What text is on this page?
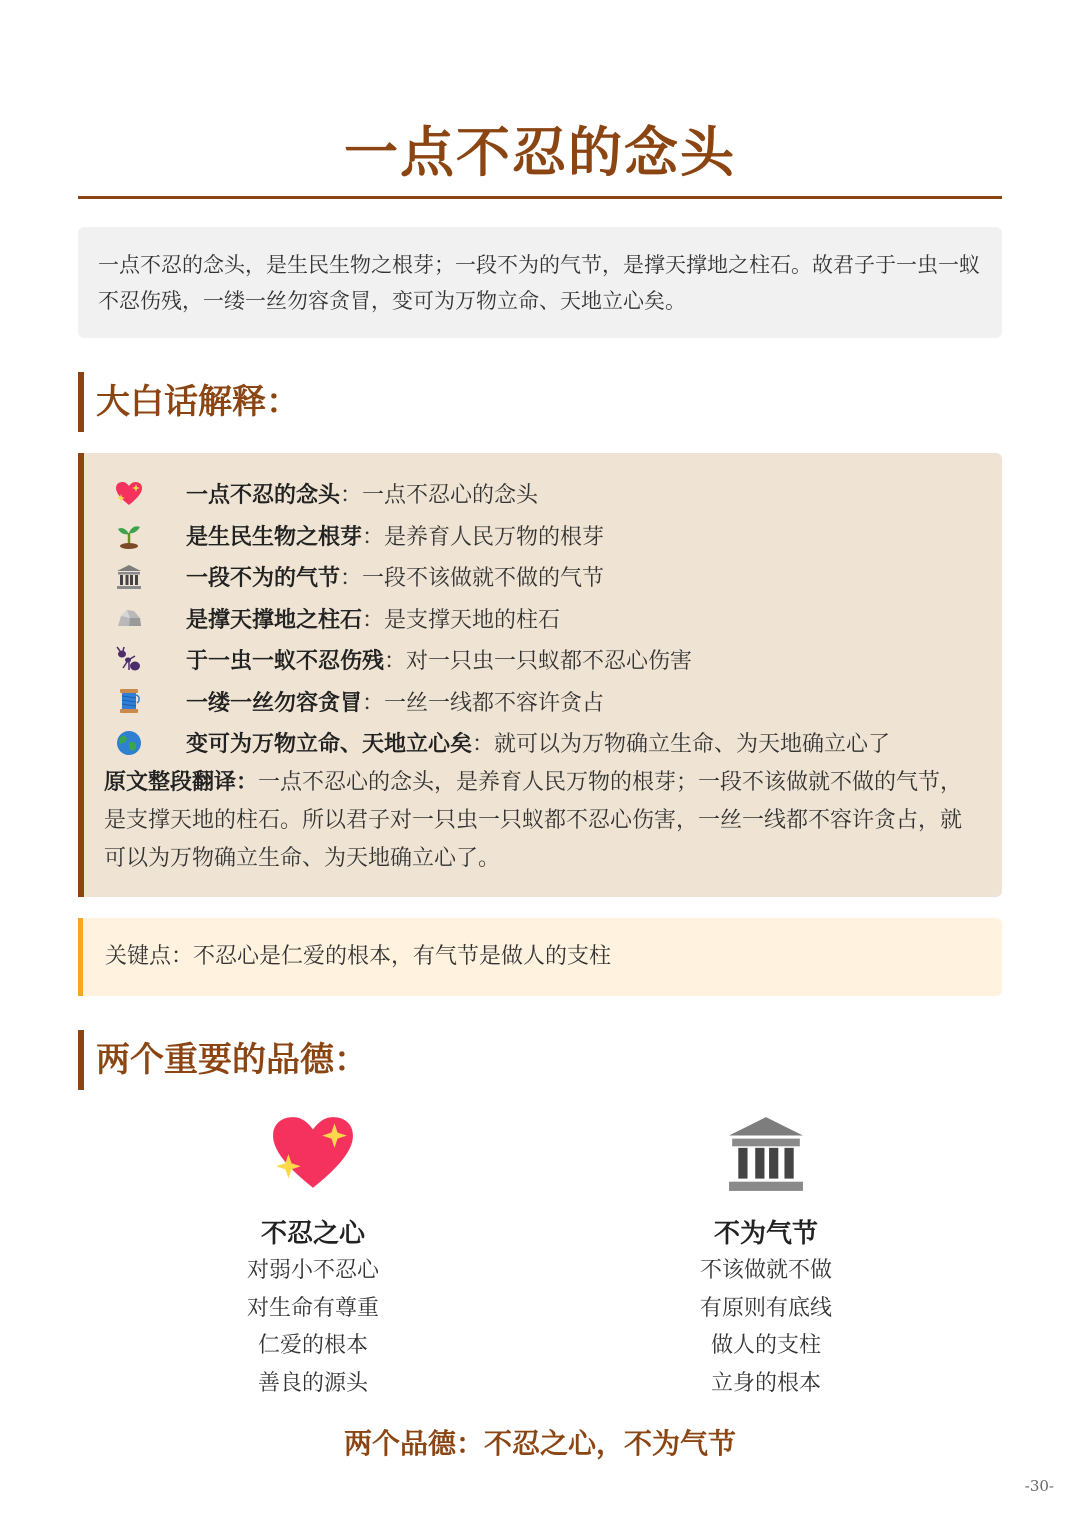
一点不忍的念头
一点不忍的念头，是生民生物之根芽；一段不为的气节，是撑天撑地之柱石。故君子于一虫一蚁不忍伤残，一缕一丝勿容贪冒，变可为万物立命、天地立心矣。
大白话解释：
一点不忍的念头 ：一点不忍心的念头
是生民生物之根芽 ：是养育人民万物的根芽
一段不为的气节 ：一段不该做就不做的气节
是撑天撑地之柱石 ：是支撑天地的柱石
于一虫一蚁不忍伤残 ：对一只虫一只蚁都不忍心伤害
一缕一丝勿容贪冒 ：一丝一线都不容许贪占
变可为万物立命、天地立心矣 ：就可以为万物确立生命、为天地确立心了
原文整段翻译：一点不忍心的念头，是养育人民万物的根芽；一段不该做就不做的气节，是支撑天地的柱石。所以君子对一只虫一只蚁都不忍心伤害，一丝一线都不容许贪占，就可以为万物确立生命、为天地确立心了。
关键点：不忍心是仁爱的根本，有气节是做人的支柱
两个重要的品德：
不忍之心
对弱小不忍心
对生命有尊重
仁爱的根本
善良的源头
不为气节
不该做就不做
有原则有底线
做人的支柱
立身的根本
两个品德：不忍之心，不为气节
-30-
